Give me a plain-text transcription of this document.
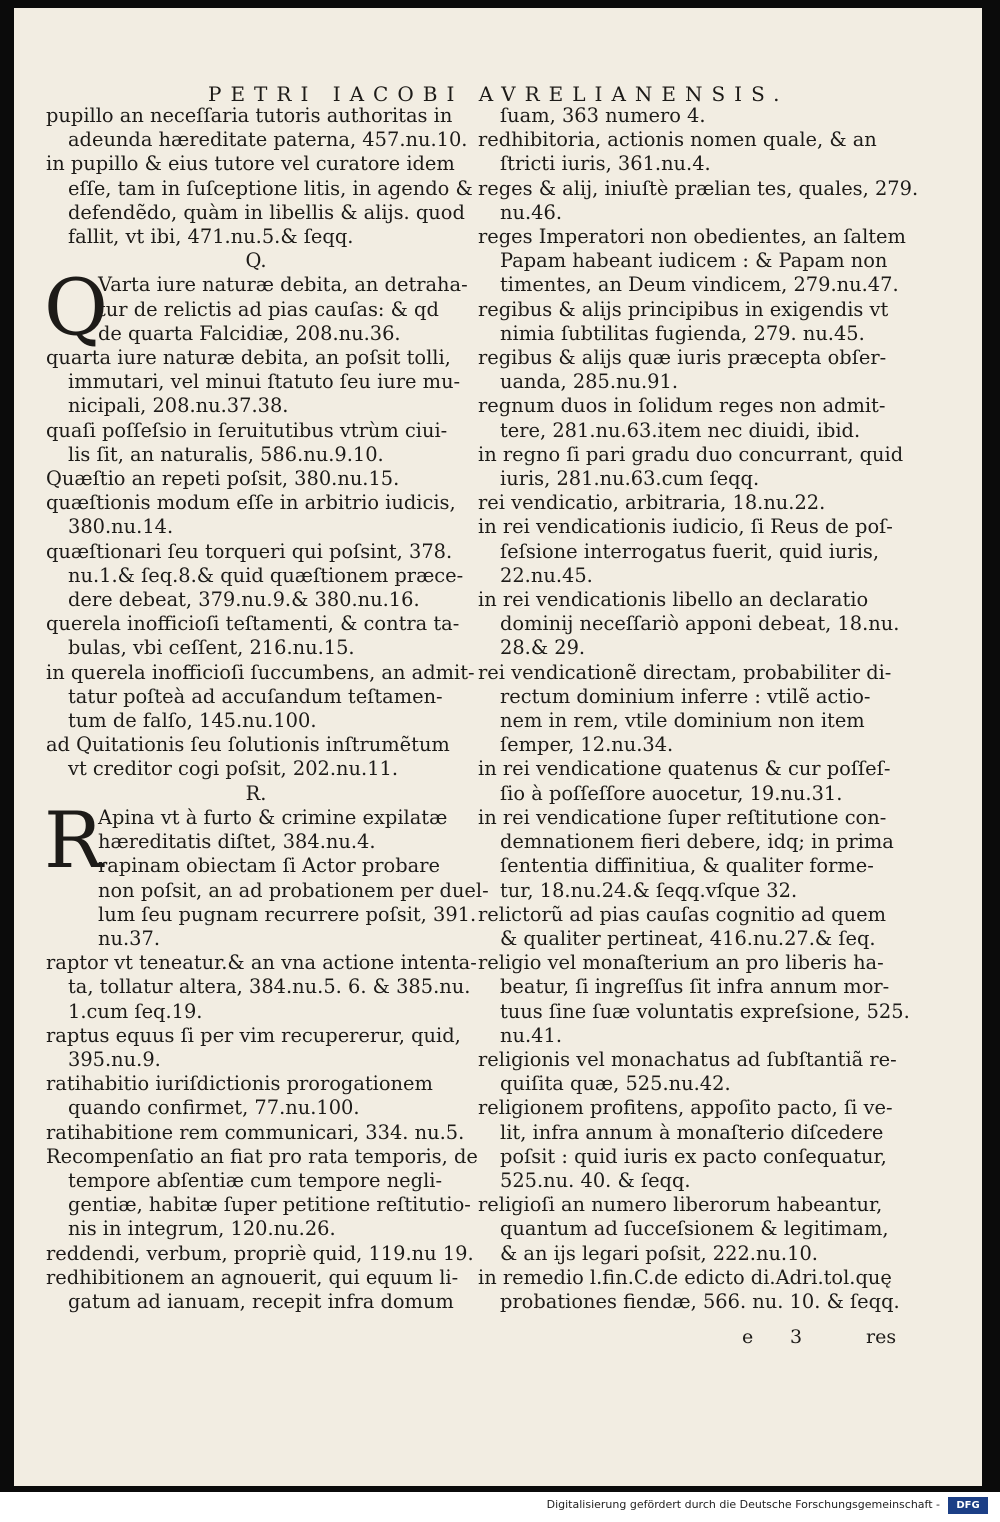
PETRI IACOBI AVRELIANENSIS.
pupillo an neceſſaria tutoris authoritas in
adeunda hæreditate paterna, 457.nu.10.
in pupillo & eius tutore vel curatore idem
eſſe, tam in ſuſceptione litis, in agendo &
defendẽdo, quàm in libellis & alijs. quod
fallit, vt ibi, 471.nu.5.& ſeqq.
Q.
Q
Varta iure naturæ debita, an detraha-
tur de relictis ad pias cauſas: & qd
de quarta Falcidiæ, 208.nu.36.
quarta iure naturæ debita, an poſsit tolli,
immutari, vel minui ſtatuto ſeu iure mu-
nicipali, 208.nu.37.38.
quaſi poſſeſsio in ſeruitutibus vtrùm ciui-
lis ſit, an naturalis, 586.nu.9.10.
Quæſtio an repeti poſsit, 380.nu.15.
quæſtionis modum eſſe in arbitrio iudicis,
380.nu.14.
quæſtionari ſeu torqueri qui poſsint, 378.
nu.1.& ſeq.8.& quid quæſtionem præce-
dere debeat, 379.nu.9.& 380.nu.16.
querela inofficioſi teſtamenti, & contra ta-
bulas, vbi ceſſent, 216.nu.15.
in querela inofficioſi ſuccumbens, an admit-
tatur poſteà ad accuſandum teſtamen-
tum de falſo, 145.nu.100.
ad Quitationis ſeu ſolutionis inſtrumẽtum
vt creditor cogi poſsit, 202.nu.11.
R.
R
Apina vt à furto & crimine expilatæ
hæreditatis diſtet, 384.nu.4.
rapinam obiectam ſi Actor probare
non poſsit, an ad probationem per duel-
lum ſeu pugnam recurrere poſsit, 391.
nu.37.
raptor vt teneatur.& an vna actione intenta-
ta, tollatur altera, 384.nu.5. 6. & 385.nu.
1.cum ſeq.19.
raptus equus ſi per vim recupererur, quid,
395.nu.9.
ratihabitio iuriſdictionis prorogationem
quando confirmet, 77.nu.100.
ratihabitione rem communicari, 334. nu.5.
Recompenſatio an fiat pro rata temporis, de
tempore abſentiæ cum tempore negli-
gentiæ, habitæ ſuper petitione reſtitutio-
nis in integrum, 120.nu.26.
reddendi, verbum, propriè quid, 119.nu 19.
redhibitionem an agnouerit, qui equum li-
gatum ad ianuam, recepit infra domum
ſuam, 363 numero 4.
redhibitoria, actionis nomen quale, & an
ſtricti iuris, 361.nu.4.
reges & alij, iniuſtè prælian tes, quales, 279.
nu.46.
reges Imperatori non obedientes, an ſaltem
Papam habeant iudicem : & Papam non
timentes, an Deum vindicem, 279.nu.47.
regibus & alijs principibus in exigendis vt
nimia ſubtilitas fugienda, 279. nu.45.
regibus & alijs quæ iuris præcepta obſer-
uanda, 285.nu.91.
regnum duos in ſolidum reges non admit-
tere, 281.nu.63.item nec diuidi, ibid.
in regno ſi pari gradu duo concurrant, quid
iuris, 281.nu.63.cum ſeqq.
rei vendicatio, arbitraria, 18.nu.22.
in rei vendicationis iudicio, ſi Reus de poſ-
ſeſsione interrogatus fuerit, quid iuris,
22.nu.45.
in rei vendicationis libello an declaratio
dominij neceſſariò apponi debeat, 18.nu.
28.& 29.
rei vendicationẽ directam, probabiliter di-
rectum dominium inferre : vtilẽ actio-
nem in rem, vtile dominium non item
ſemper, 12.nu.34.
in rei vendicatione quatenus & cur poſſeſ-
ſio à poſſeſſore auocetur, 19.nu.31.
in rei vendicatione ſuper reſtitutione con-
demnationem fieri debere, idq; in prima
ſententia diffinitiua, & qualiter forme-
tur, 18.nu.24.& ſeqq.vſque 32.
relictorũ ad pias cauſas cognitio ad quem
& qualiter pertineat, 416.nu.27.& ſeq.
religio vel monaſterium an pro liberis ha-
beatur, ſi ingreſſus ſit infra annum mor-
tuus ſine ſuæ voluntatis expreſsione, 525.
nu.41.
religionis vel monachatus ad ſubſtantiã re-
quiſita quæ, 525.nu.42.
religionem profitens, appoſito pacto, ſi ve-
lit, infra annum à monaſterio diſcedere
poſsit : quid iuris ex pacto conſequatur,
525.nu. 40. & ſeqq.
religioſi an numero liberorum habeantur,
quantum ad ſucceſsionem & legitimam,
& an ijs legari poſsit, 222.nu.10.
in remedio l.fin.C.de edicto di.Adri.tol.quę
probationes fiendæ, 566. nu. 10. & ſeqq.
e 3	res
Digitalisierung gefördert durch die Deutsche Forschungsgemeinschaft -	DFG
